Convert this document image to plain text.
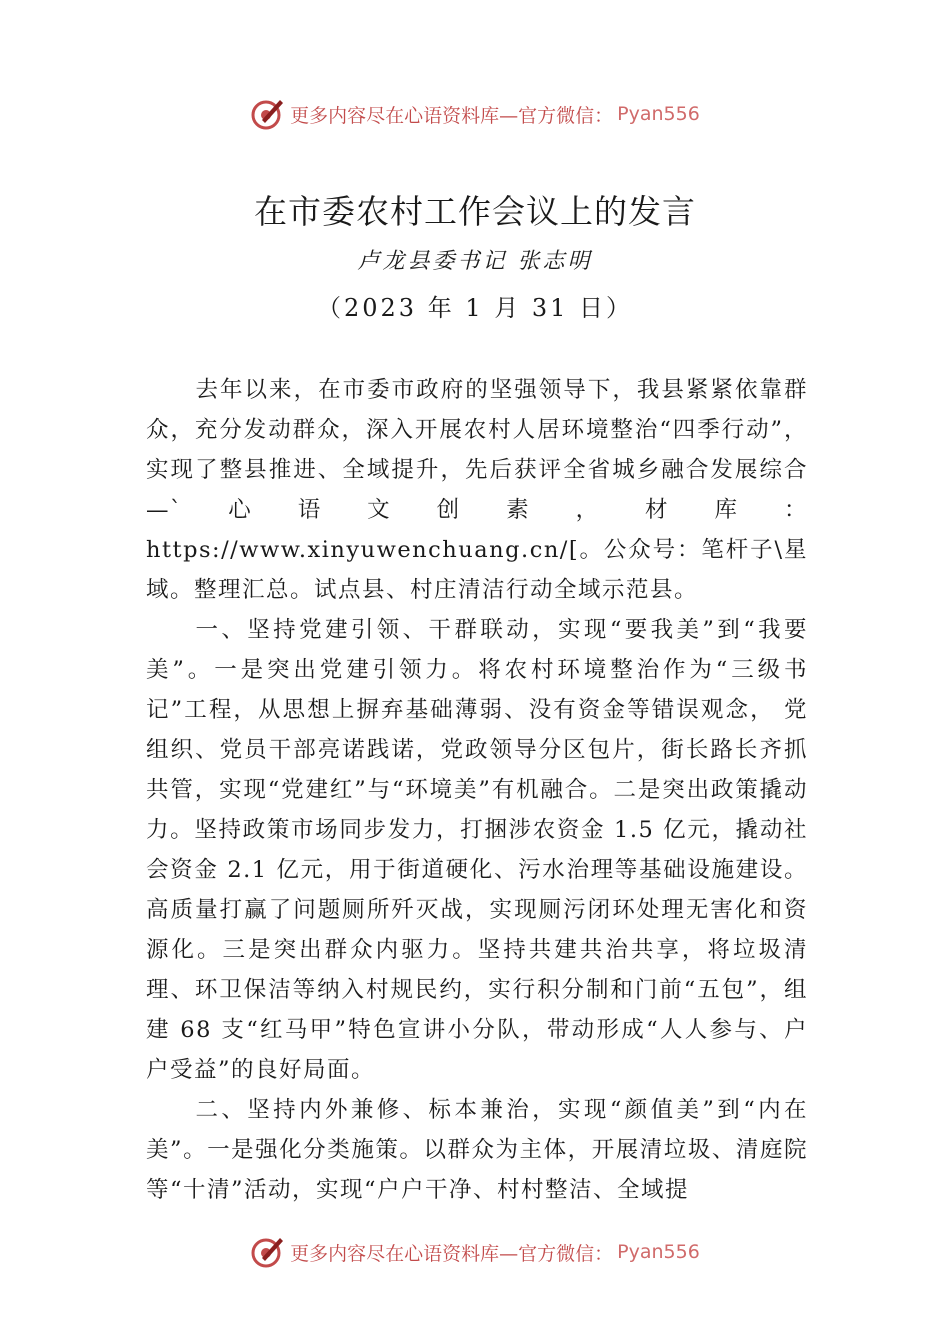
更多内容尽在心语资料库—官方微信： Pyan556
在市委农村工作会议上的发言
卢龙县委书记 张志明
（2023 年 1 月 31 日）

去年以来，在市委市政府的坚强领导下，我县紧紧依靠群众，充分发动群众，深入开展农村人居环境整治“四季行动”，实现了整县推进、全域提升，先后获评全省城乡融合发展综合—`心语文创素，材库：https://www.xinyuwenchuang.cn/[。公众号：笔杆子\星域。整理汇总。试点县、村庄清洁行动全域示范县。

一、坚持党建引领、干群联动，实现“要我美”到“我要美”。一是突出党建引领力。将农村环境整治作为“三级书记”工程，从思想上摒弃基础薄弱、没有资金等错误观念， 党组织、党员干部亮诺践诺，党政领导分区包片，街长路长齐抓共管，实现“党建红”与“环境美”有机融合。二是突出政策撬动力。坚持政策市场同步发力，打捆涉农资金 1.5 亿元，撬动社会资金 2.1 亿元，用于街道硬化、污水治理等基础设施建设。高质量打赢了问题厕所歼灭战，实现厕污闭环处理无害化和资源化。三是突出群众内驱力。坚持共建共治共享，将垃圾清理、环卫保洁等纳入村规民约，实行积分制和门前“五包”，组建 68 支“红马甲”特色宣讲小分队，带动形成“人人参与、户户受益”的良好局面。

二、坚持内外兼修、标本兼治，实现“颜值美”到“内在美”。一是强化分类施策。以群众为主体，开展清垃圾、清庭院等“十清”活动，实现“户户干净、村村整洁、全域提

更多内容尽在心语资料库—官方微信： Pyan556
